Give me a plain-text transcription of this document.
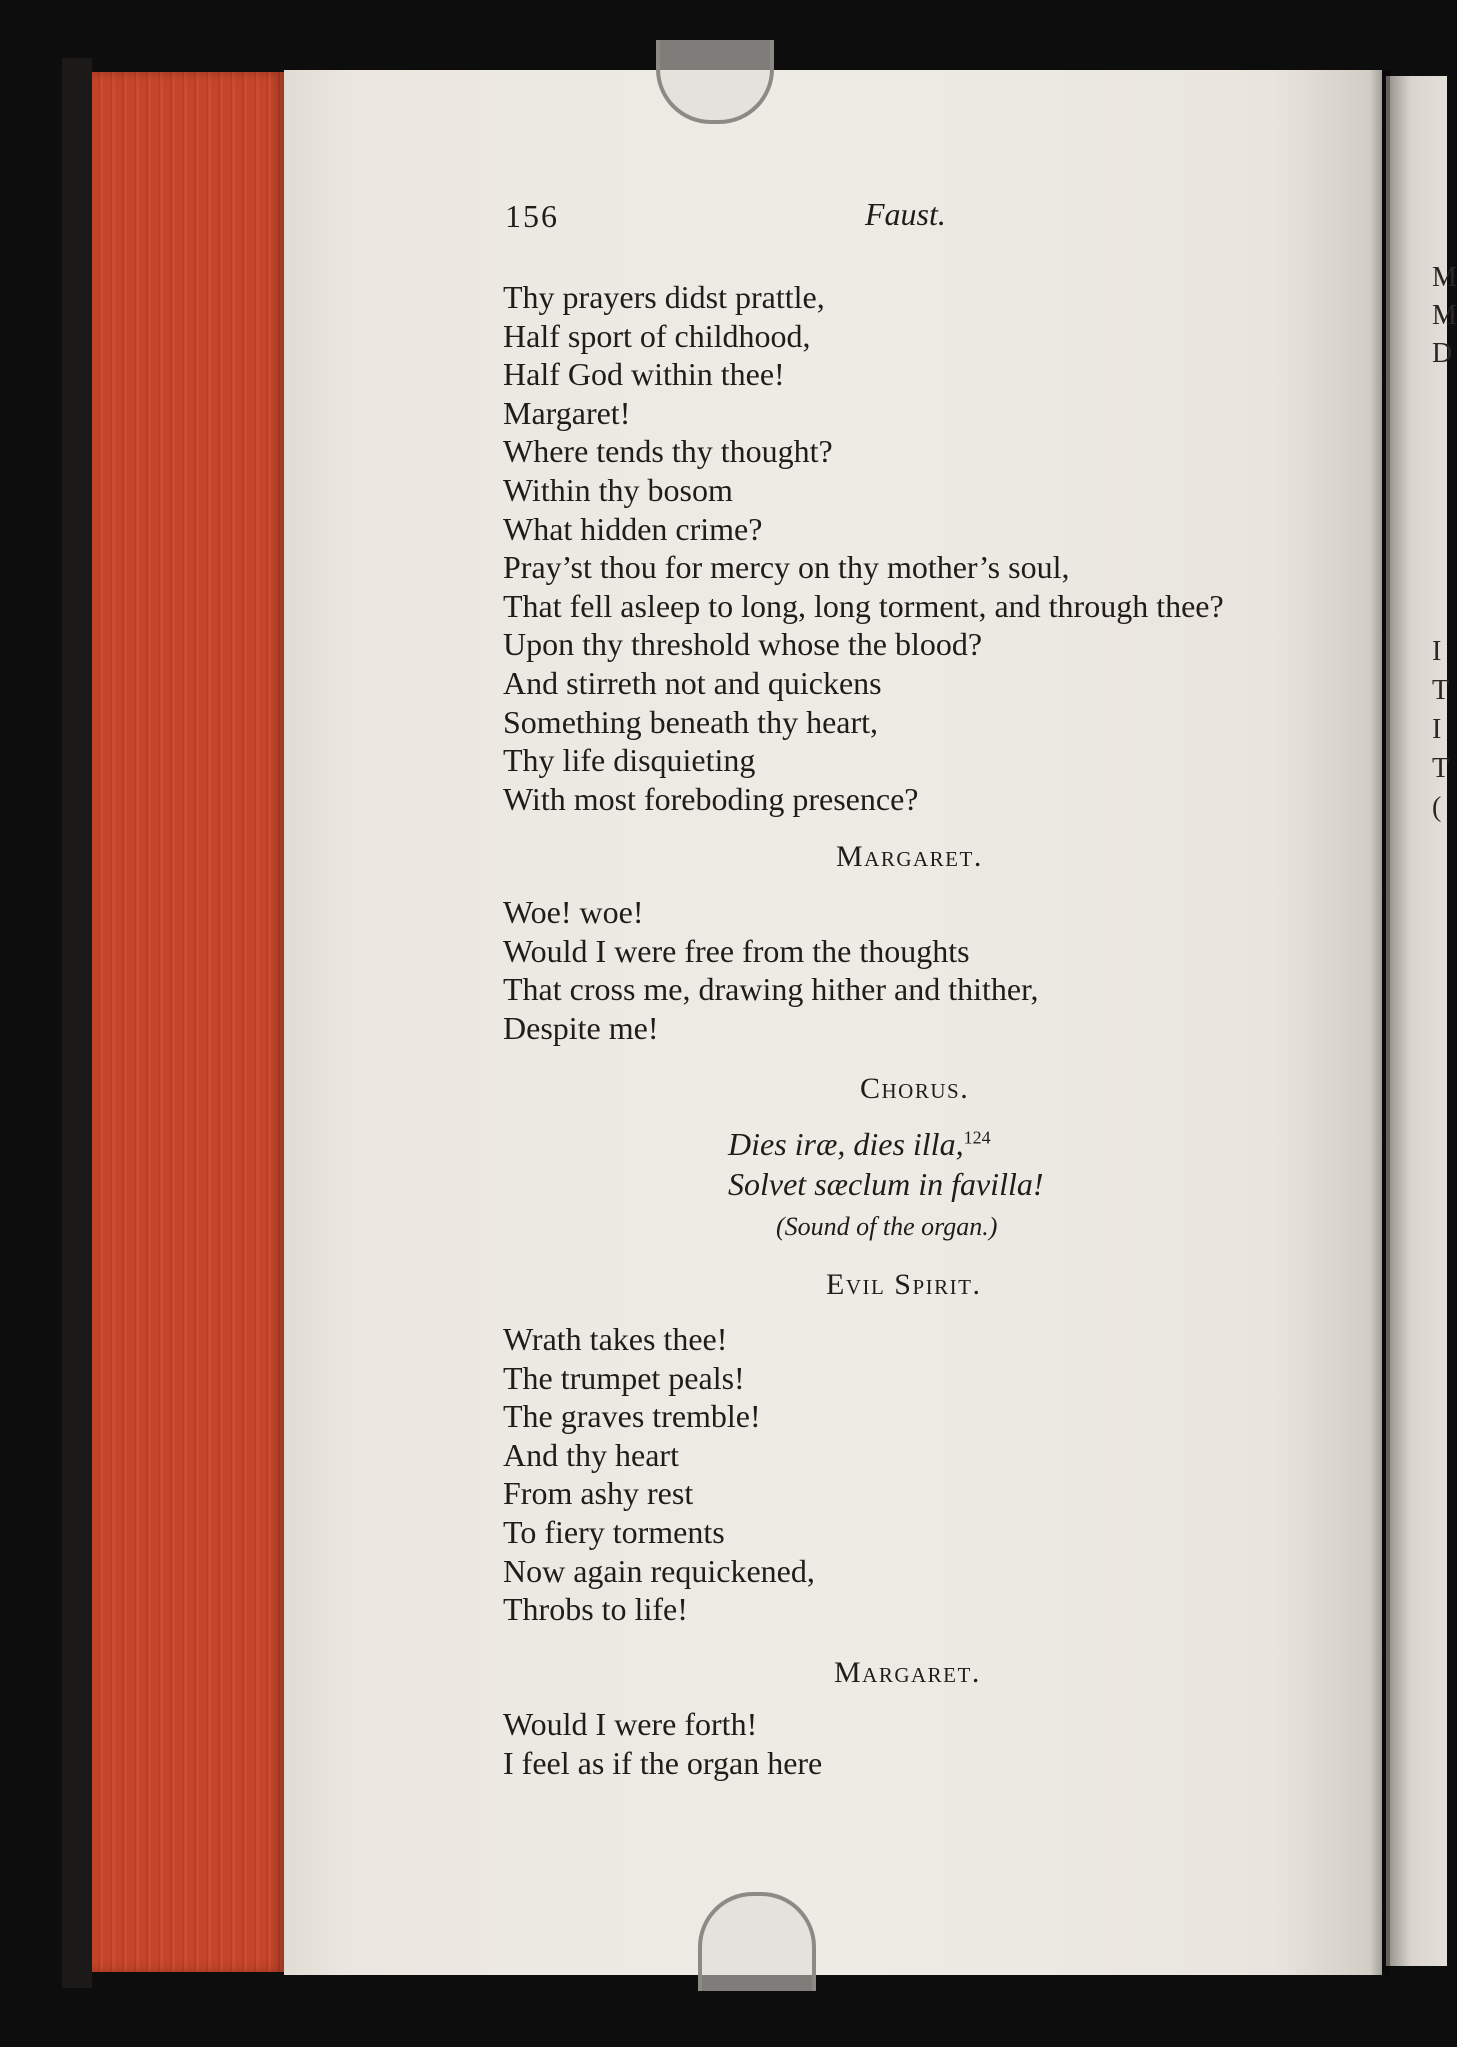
156	Faust.
Thy prayers didst prattle,
Half sport of childhood,
Half God within thee!
Margaret!
Where tends thy thought?
Within thy bosom
What hidden crime?
Pray’st thou for mercy on thy mother’s soul,
That fell asleep to long, long torment, and through thee?
Upon thy threshold whose the blood?
And stirreth not and quickens
Something beneath thy heart,
Thy life disquieting
With most foreboding presence?
Margaret.
Woe! woe!
Would I were free from the thoughts
That cross me, drawing hither and thither,
Despite me!
Chorus.
Dies iræ, dies illa,$^{124}$
Solvet sæclum in favilla!
(Sound of the organ.)
Evil Spirit.
Wrath takes thee!
The trumpet peals!
The graves tremble!
And thy heart
From ashy rest
To fiery torments
Now again requickened,
Throbs to life!
Margaret.
Would I were forth!
I feel as if the organ here
M
M
D
I
T
I
T
(
